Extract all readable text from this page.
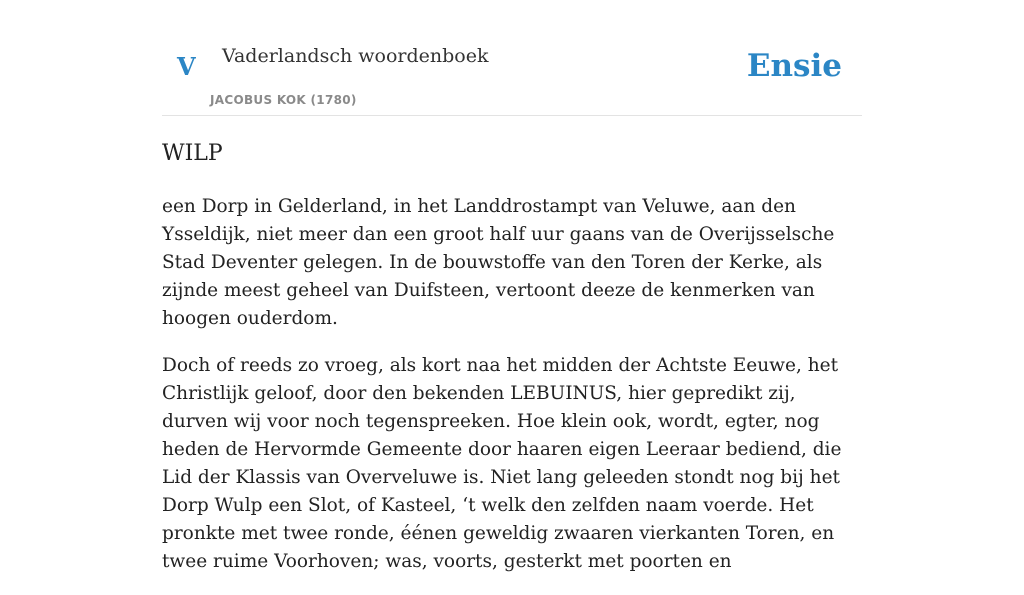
V Vaderlandsch woordenboek
JACOBUS KOK (1780)
Ensie
WILP

een Dorp in Gelderland, in het Landdrostampt van Veluwe, aan den Ysseldijk, niet meer dan een groot half uur gaans van de Overijsselsche Stad Deventer gelegen. In de bouwstoffe van den Toren der Kerke, als zijnde meest geheel van Duifsteen, vertoont deeze de kenmerken van hoogen ouderdom.

Doch of reeds zo vroeg, als kort naa het midden der Achtste Eeuwe, het Christlijk geloof, door den bekenden LEBUINUS, hier gepredikt zij, durven wij voor noch tegenspreeken. Hoe klein ook, wordt, egter, nog heden de Hervormde Gemeente door haaren eigen Leeraar bediend, die Lid der Klassis van Overveluwe is. Niet lang geleeden stondt nog bij het Dorp Wulp een Slot, of Kasteel, ‘t welk den zelfden naam voerde. Het pronkte met twee ronde, éénen geweldig zwaaren vierkanten Toren, en twee ruime Voorhoven; was, voorts, gesterkt met poorten en
